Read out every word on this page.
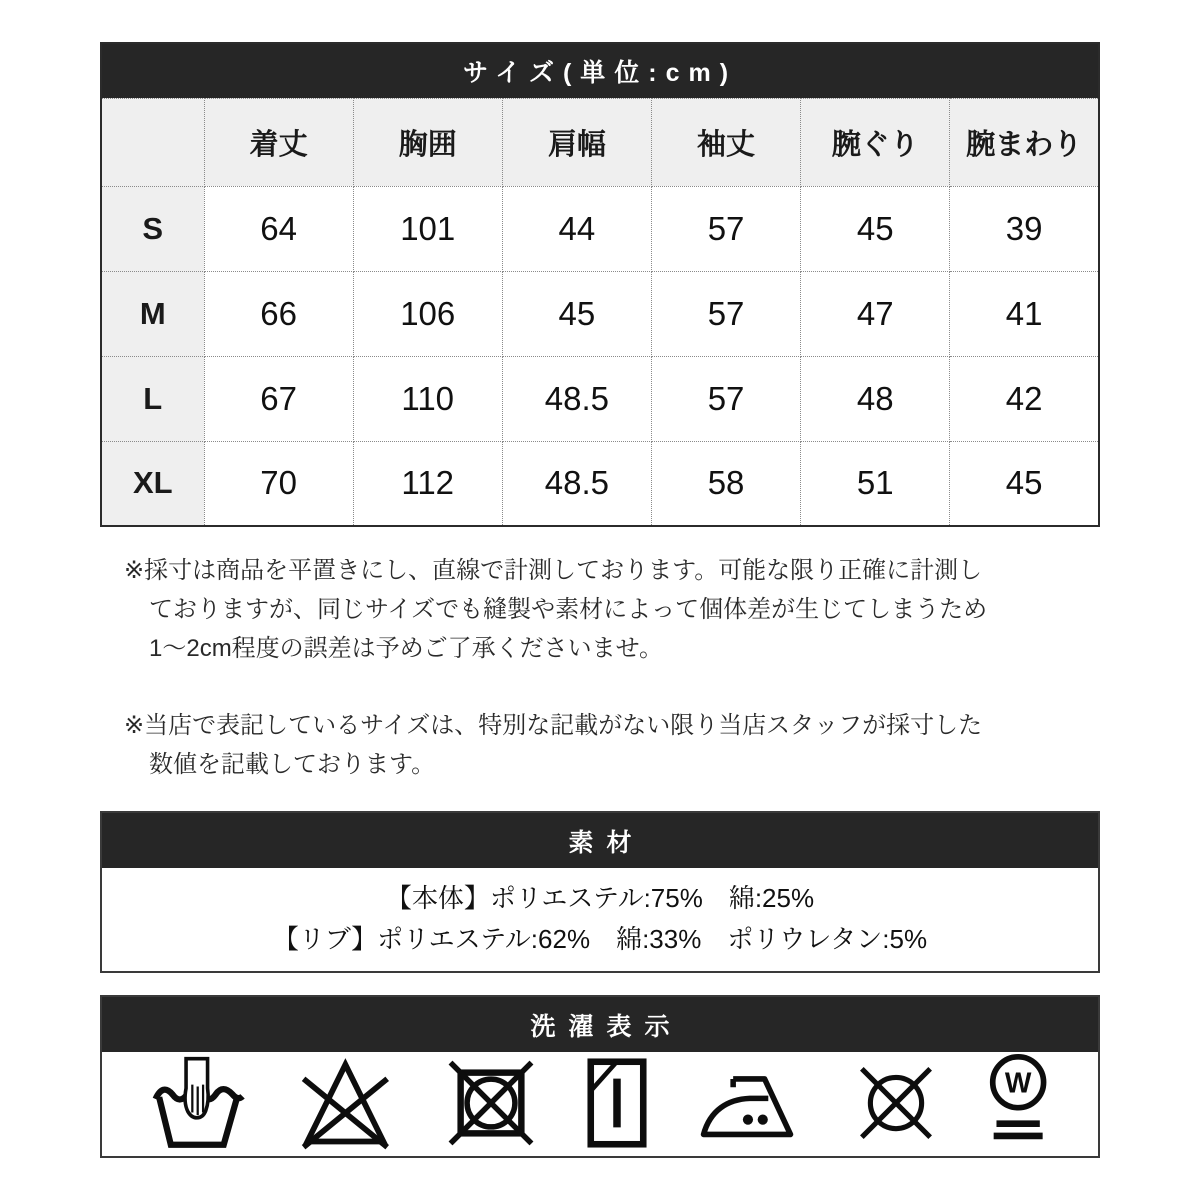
サイズ(単位:cm)						
	着丈	胸囲	肩幅	袖丈	腕ぐり	腕まわり
S	64	101	44	57	45	39
M	66	106	45	57	47	41
L	67	110	48.5	57	48	42
XL	70	112	48.5	58	51	45
※採寸は商品を平置きにし、直線で計測しております。可能な限り正確に計測し
ておりますが、同じサイズでも縫製や素材によって個体差が生じてしまうため
1〜2cm程度の誤差は予めご了承くださいませ。
※当店で表記しているサイズは、特別な記載がない限り当店スタッフが採寸した
数値を記載しております。
素材
【本体】ポリエステル:75%　綿:25%
【リブ】ポリエステル:62%　綿:33%　ポリウレタン:5%
洗濯表示
W
